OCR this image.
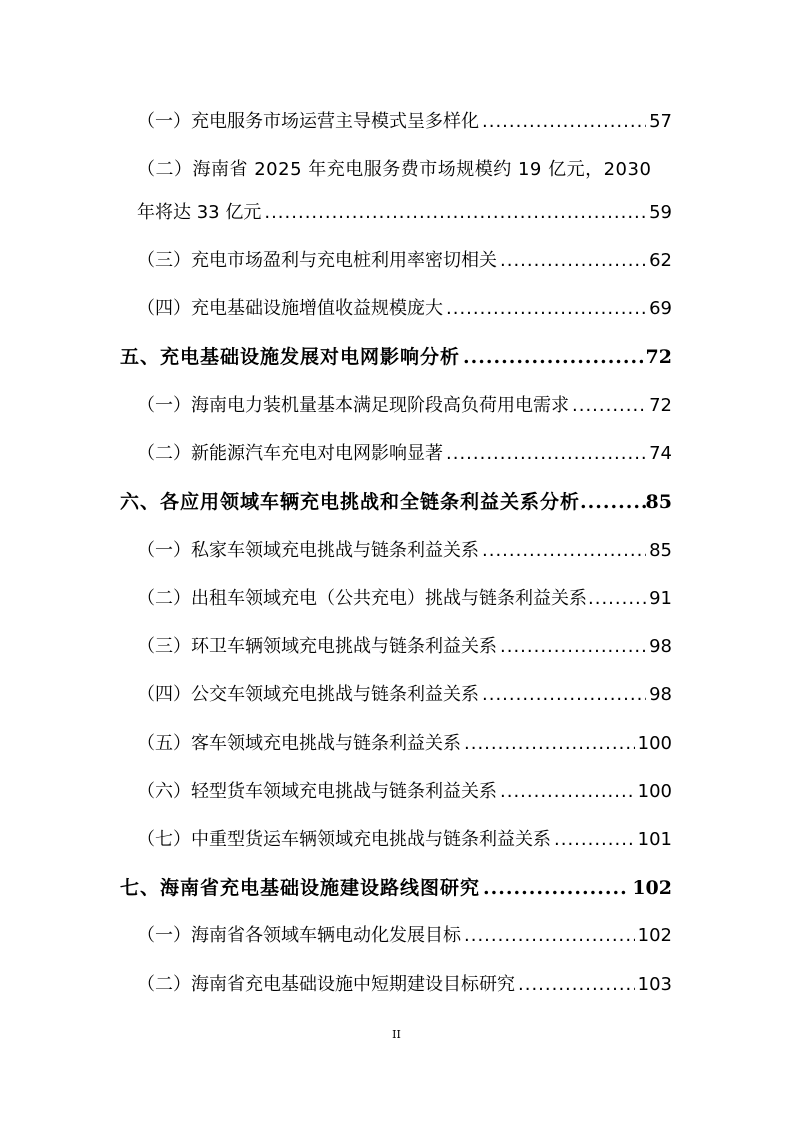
（一）充电服务市场运营主导模式呈多样化 .....	57
（二）海南省 2025 年充电服务费市场规模约 19 亿元，2030
年将达 33 亿元 .....	59
（三）充电市场盈利与充电桩利用率密切相关 .....	62
（四）充电基础设施增值收益规模庞大 .....	69
五、充电基础设施发展对电网影响分析 .....	72
（一）海南电力装机量基本满足现阶段高负荷用电需求 .....	72
（二）新能源汽车充电对电网影响显著 .....	74
六、各应用领域车辆充电挑战和全链条利益关系分析 .....	85
（一）私家车领域充电挑战与链条利益关系 .....	85
（二）出租车领域充电（公共充电）挑战与链条利益关系 .....	91
（三）环卫车辆领域充电挑战与链条利益关系 .....	98
（四）公交车领域充电挑战与链条利益关系 .....	98
（五）客车领域充电挑战与链条利益关系 .....	100
（六）轻型货车领域充电挑战与链条利益关系 .....	100
（七）中重型货运车辆领域充电挑战与链条利益关系 .....	101
七、海南省充电基础设施建设路线图研究 .....	102
（一）海南省各领域车辆电动化发展目标 .....	102
（二）海南省充电基础设施中短期建设目标研究 .....	103
II
